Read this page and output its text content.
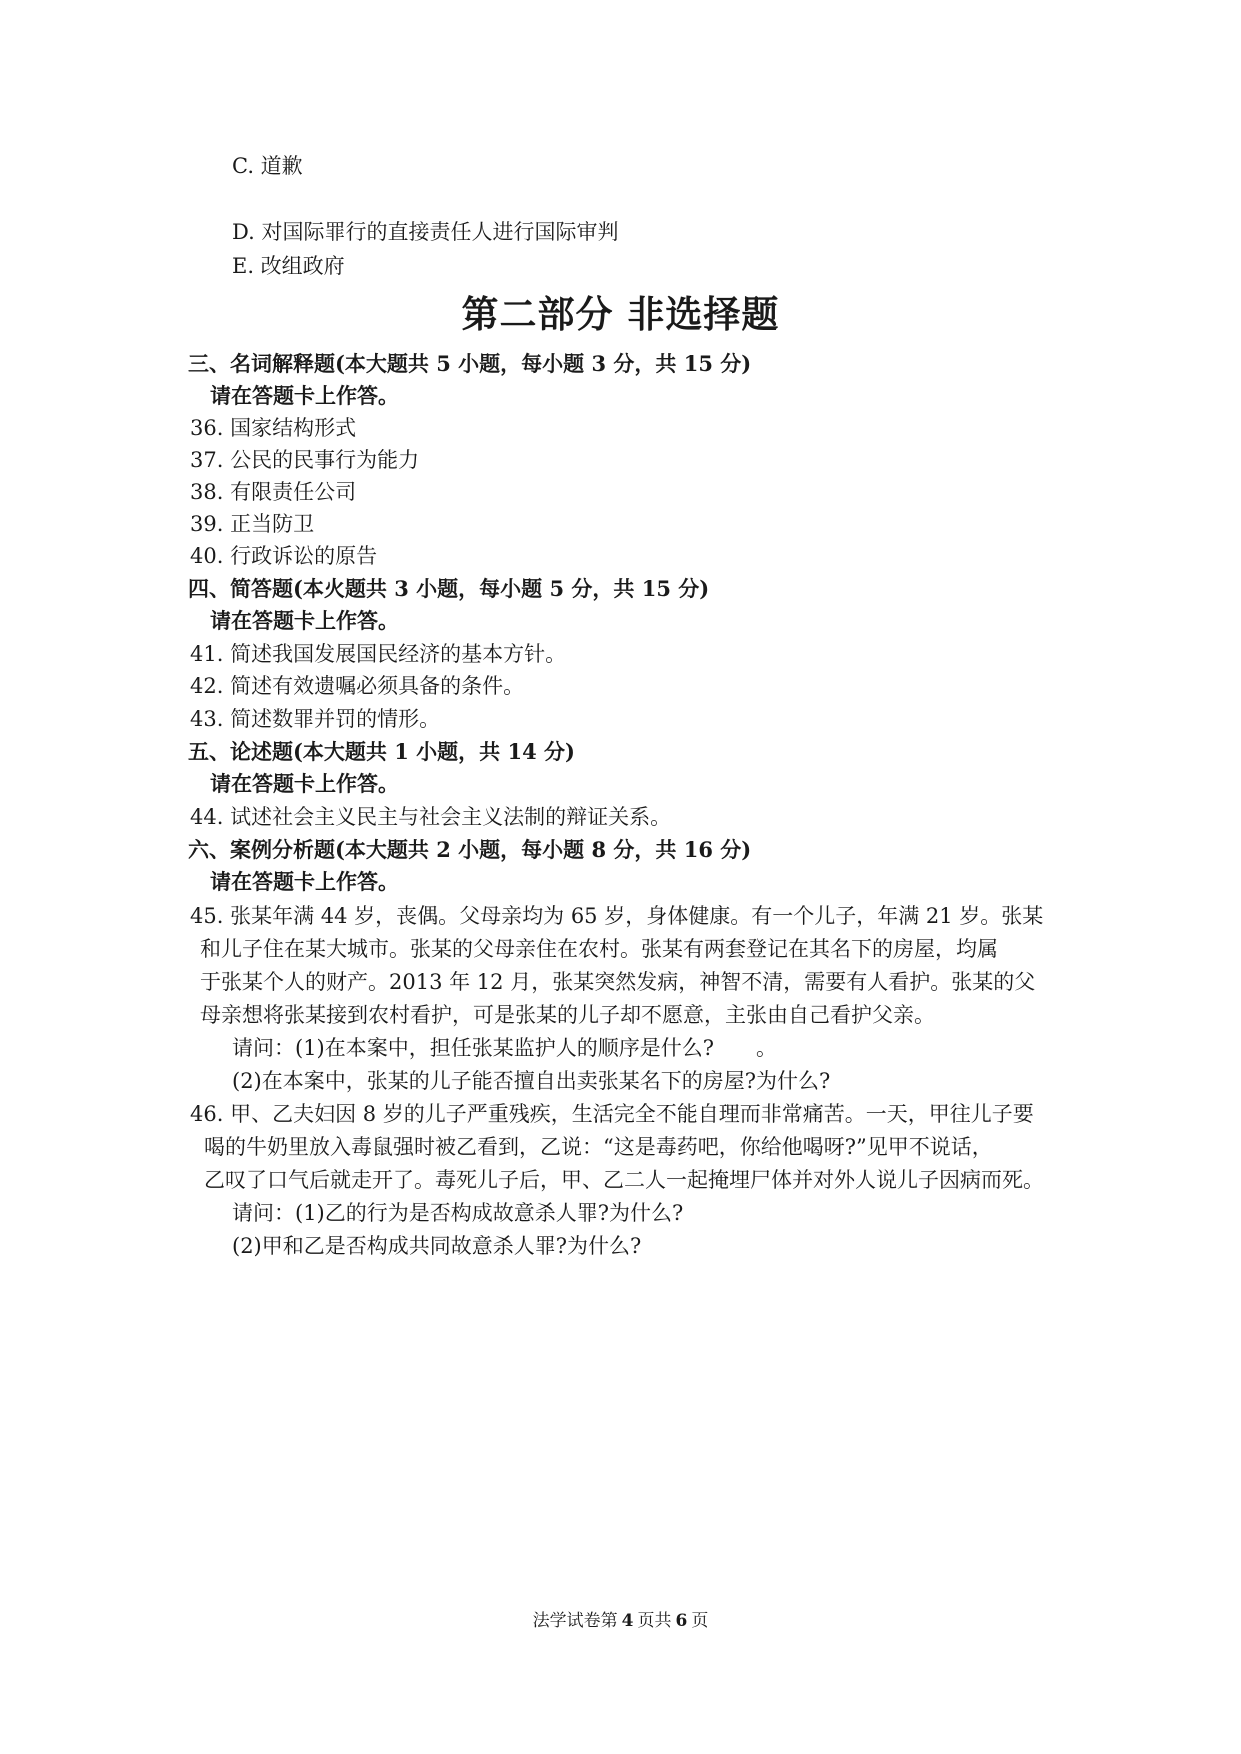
C. 道歉
D. 对国际罪行的直接责任人进行国际审判
E. 改组政府
第二部分 非选择题
三、名词解释题(本大题共 5 小题，每小题 3 分，共 15 分)
请在答题卡上作答。
36. 国家结构形式
37. 公民的民事行为能力
38. 有限责任公司
39. 正当防卫
40. 行政诉讼的原告
四、简答题(本火题共 3 小题，每小题 5 分，共 15 分)
请在答题卡上作答。
41. 简述我国发展国民经济的基本方针。
42. 简述有效遗嘱必须具备的条件。
43. 简述数罪并罚的情形。
五、论述题(本大题共 1 小题，共 14 分)
请在答题卡上作答。
44. 试述社会主义民主与社会主义法制的辩证关系。
六、案例分析题(本大题共 2 小题，每小题 8 分，共 16 分)
请在答题卡上作答。
45. 张某年满 44 岁，丧偶。父母亲均为 65 岁，身体健康。有一个儿子，年满 21 岁。张某
和儿子住在某大城市。张某的父母亲住在农村。张某有两套登记在其名下的房屋，均属
于张某个人的财产。2013 年 12 月，张某突然发病，神智不清，需要有人看护。张某的父
母亲想将张某接到农村看护，可是张某的儿子却不愿意，主张由自己看护父亲。
请问：(1)在本案中，担任张某监护人的顺序是什么?　　。
(2)在本案中，张某的儿子能否擅自出卖张某名下的房屋?为什么?
46. 甲、乙夫妇因 8 岁的儿子严重残疾，生活完全不能自理而非常痛苦。一天，甲往儿子要
喝的牛奶里放入毒鼠强时被乙看到，乙说：“这是毒药吧，你给他喝呀?”见甲不说话，
乙叹了口气后就走开了。毒死儿子后，甲、乙二人一起掩埋尸体并对外人说儿子因病而死。
请问：(1)乙的行为是否构成故意杀人罪?为什么?
(2)甲和乙是否构成共同故意杀人罪?为什么?
法学试卷第 4 页共 6 页
